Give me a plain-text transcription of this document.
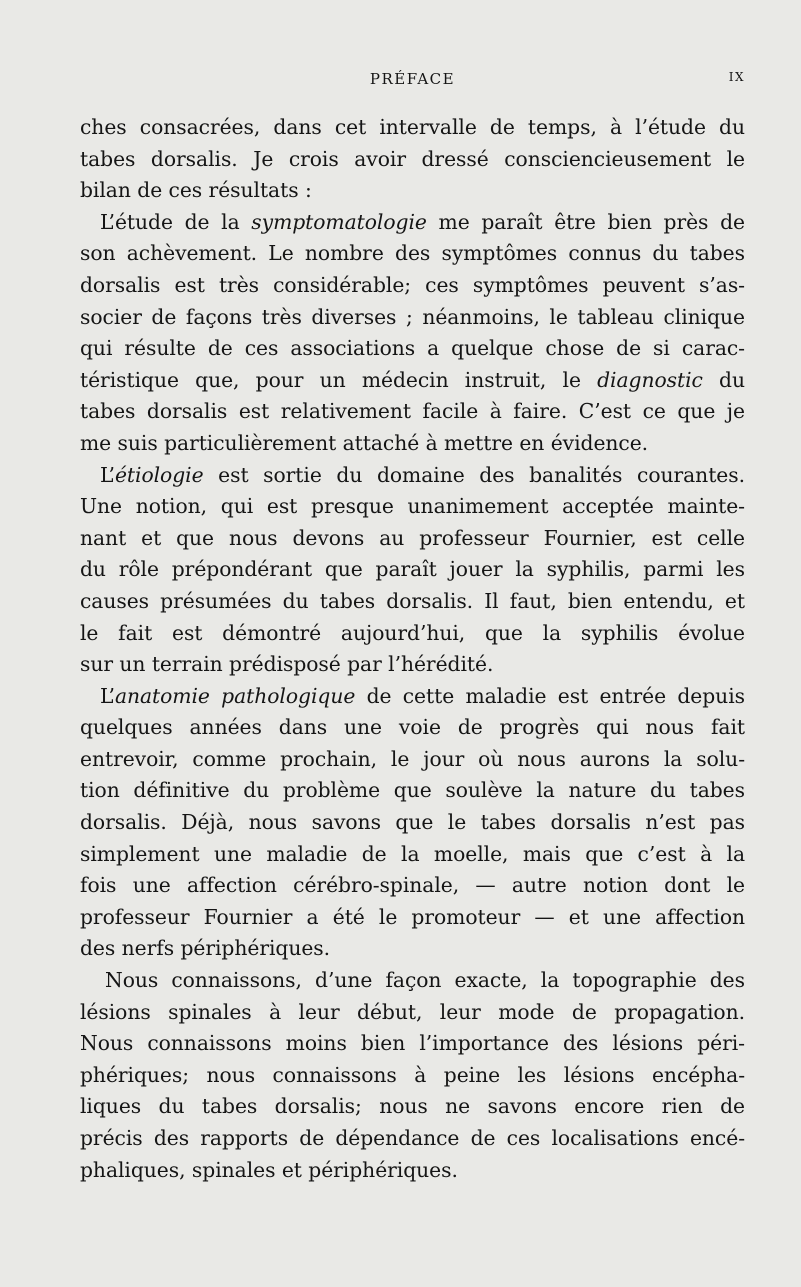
PRÉFACE	IX
ches consacrées, dans cet intervalle de temps, à l’étude du
tabes dorsalis. Je crois avoir dressé consciencieusement le
bilan de ces résultats :
L’étude de la symptomatologie me paraît être bien près de
son achèvement. Le nombre des symptômes connus du tabes
dorsalis est très considérable; ces symptômes peuvent s’as-
socier de façons très diverses ; néanmoins, le tableau clinique
qui résulte de ces associations a quelque chose de si carac-
téristique que, pour un médecin instruit, le diagnostic du
tabes dorsalis est relativement facile à faire. C’est ce que je
me suis particulièrement attaché à mettre en évidence.
L’étiologie est sortie du domaine des banalités courantes.
Une notion, qui est presque unanimement acceptée mainte-
nant et que nous devons au professeur Fournier, est celle
du rôle prépondérant que paraît jouer la syphilis, parmi les
causes présumées du tabes dorsalis. Il faut, bien entendu, et
le fait est démontré aujourd’hui, que la syphilis évolue
sur un terrain prédisposé par l’hérédité.
L’anatomie pathologique de cette maladie est entrée depuis
quelques années dans une voie de progrès qui nous fait
entrevoir, comme prochain, le jour où nous aurons la solu-
tion définitive du problème que soulève la nature du tabes
dorsalis. Déjà, nous savons que le tabes dorsalis n’est pas
simplement une maladie de la moelle, mais que c’est à la
fois une affection cérébro-spinale, — autre notion dont le
professeur Fournier a été le promoteur — et une affection
des nerfs périphériques.
Nous connaissons, d’une façon exacte, la topographie des
lésions spinales à leur début, leur mode de propagation.
Nous connaissons moins bien l’importance des lésions péri-
phériques; nous connaissons à peine les lésions encépha-
liques du tabes dorsalis; nous ne savons encore rien de
précis des rapports de dépendance de ces localisations encé-
phaliques, spinales et périphériques.
